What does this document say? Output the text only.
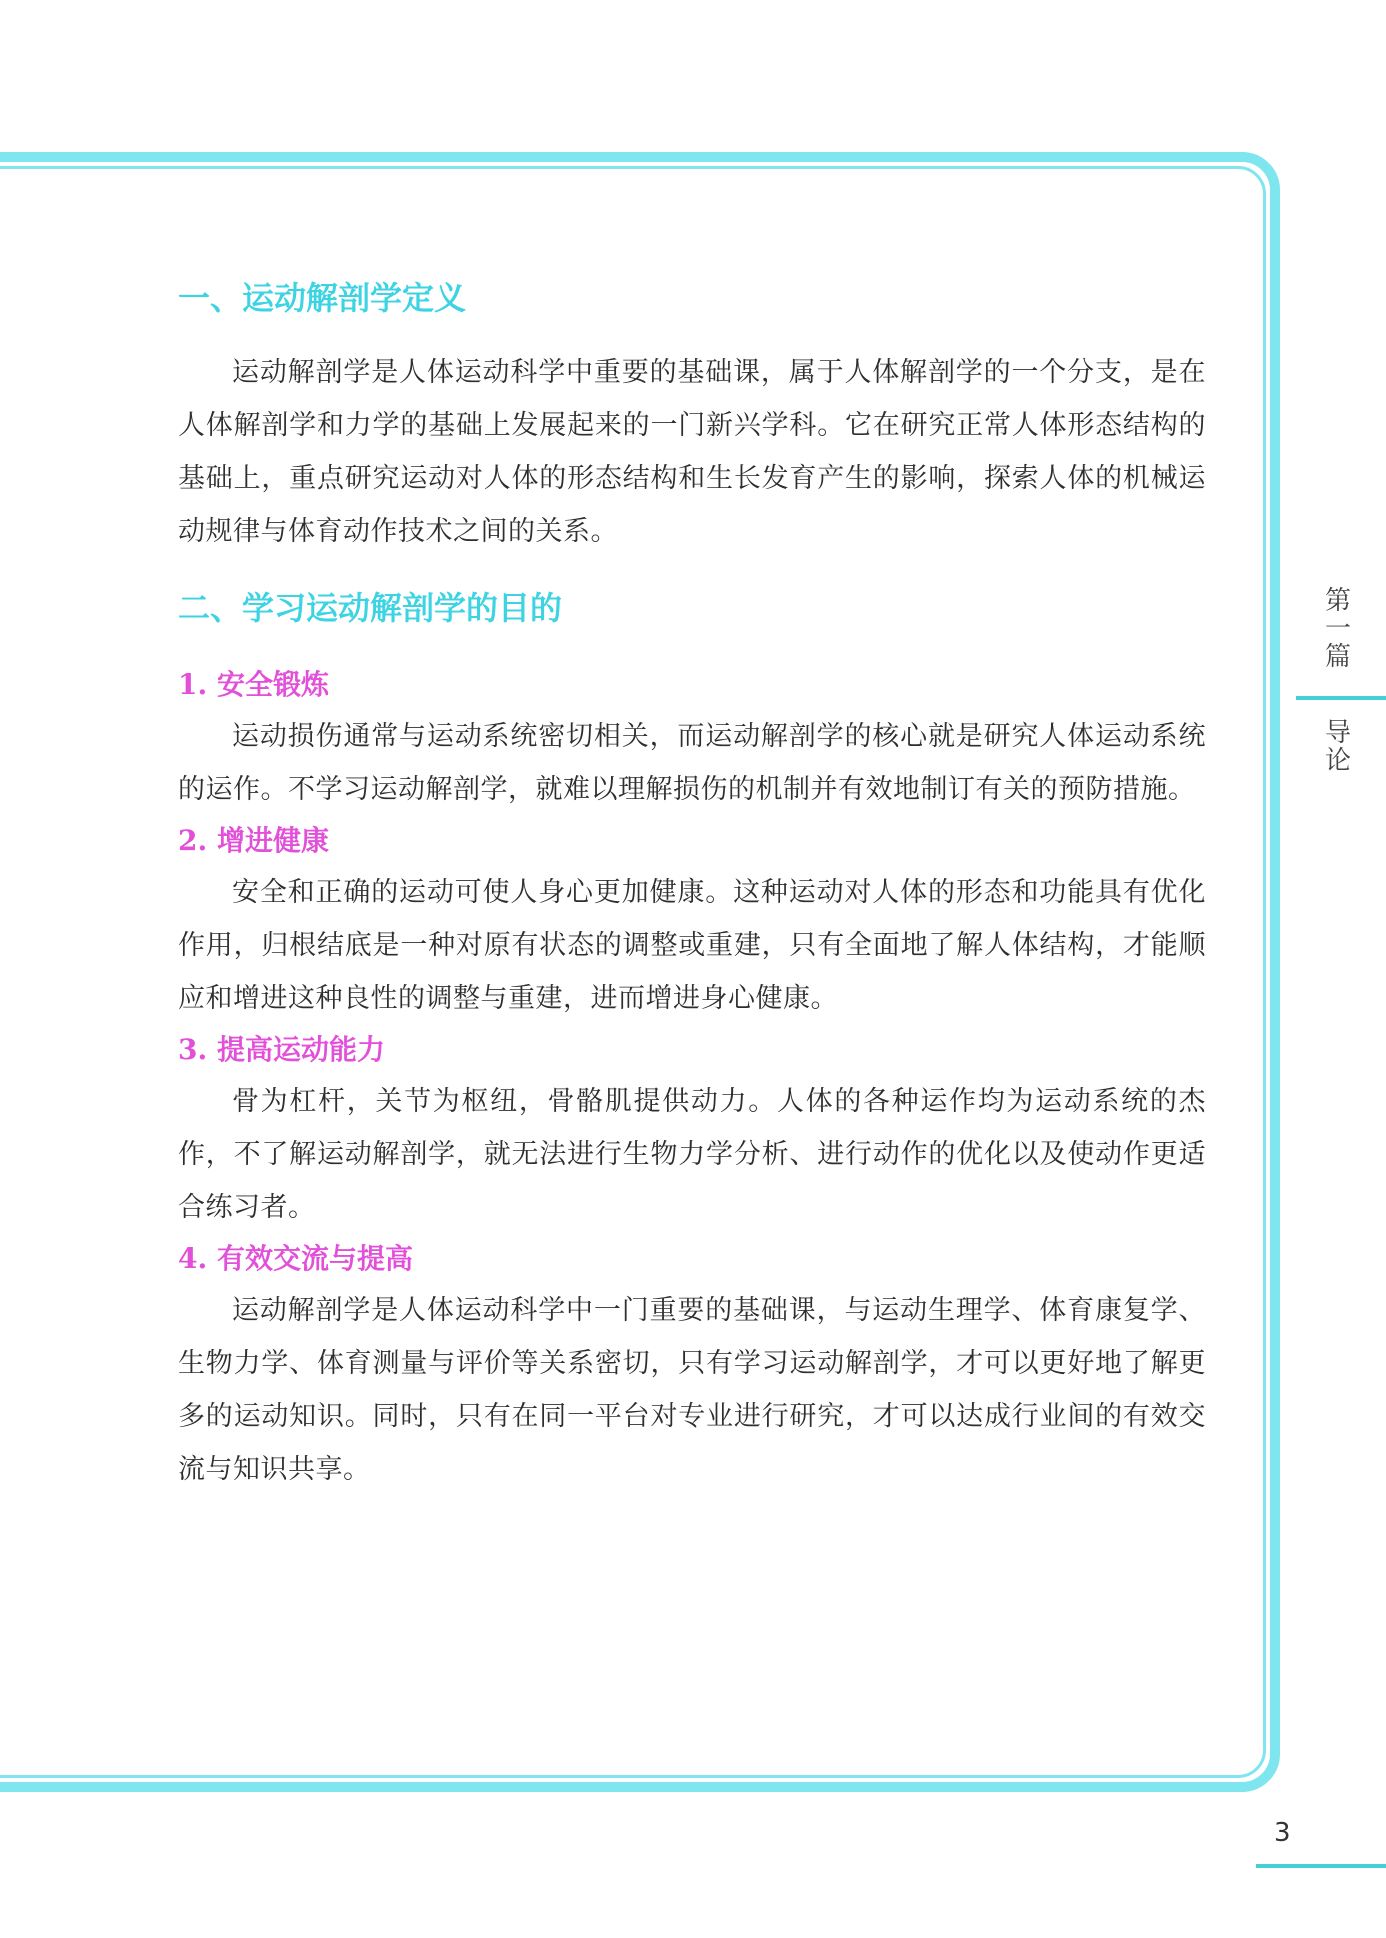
一、运动解剖学定义

运动解剖学是人体运动科学中重要的基础课，属于人体解剖学的一个分支，是在人体解剖学和力学的基础上发展起来的一门新兴学科。它在研究正常人体形态结构的基础上，重点研究运动对人体的形态结构和生长发育产生的影响，探索人体的机械运动规律与体育动作技术之间的关系。

二、学习运动解剖学的目的
1. 安全锻炼

运动损伤通常与运动系统密切相关，而运动解剖学的核心就是研究人体运动系统的运作。不学习运动解剖学，就难以理解损伤的机制并有效地制订有关的预防措施。

2. 增进健康

安全和正确的运动可使人身心更加健康。这种运动对人体的形态和功能具有优化作用，归根结底是一种对原有状态的调整或重建，只有全面地了解人体结构，才能顺应和增进这种良性的调整与重建，进而增进身心健康。

3. 提高运动能力

骨为杠杆，关节为枢纽，骨骼肌提供动力。人体的各种运作均为运动系统的杰作，不了解运动解剖学，就无法进行生物力学分析、进行动作的优化以及使动作更适合练习者。

4. 有效交流与提高

运动解剖学是人体运动科学中一门重要的基础课，与运动生理学、体育康复学、生物力学、体育测量与评价等关系密切，只有学习运动解剖学，才可以更好地了解更多的运动知识。同时，只有在同一平台对专业进行研究，才可以达成行业间的有效交流与知识共享。

第
一
篇
导
论
3
